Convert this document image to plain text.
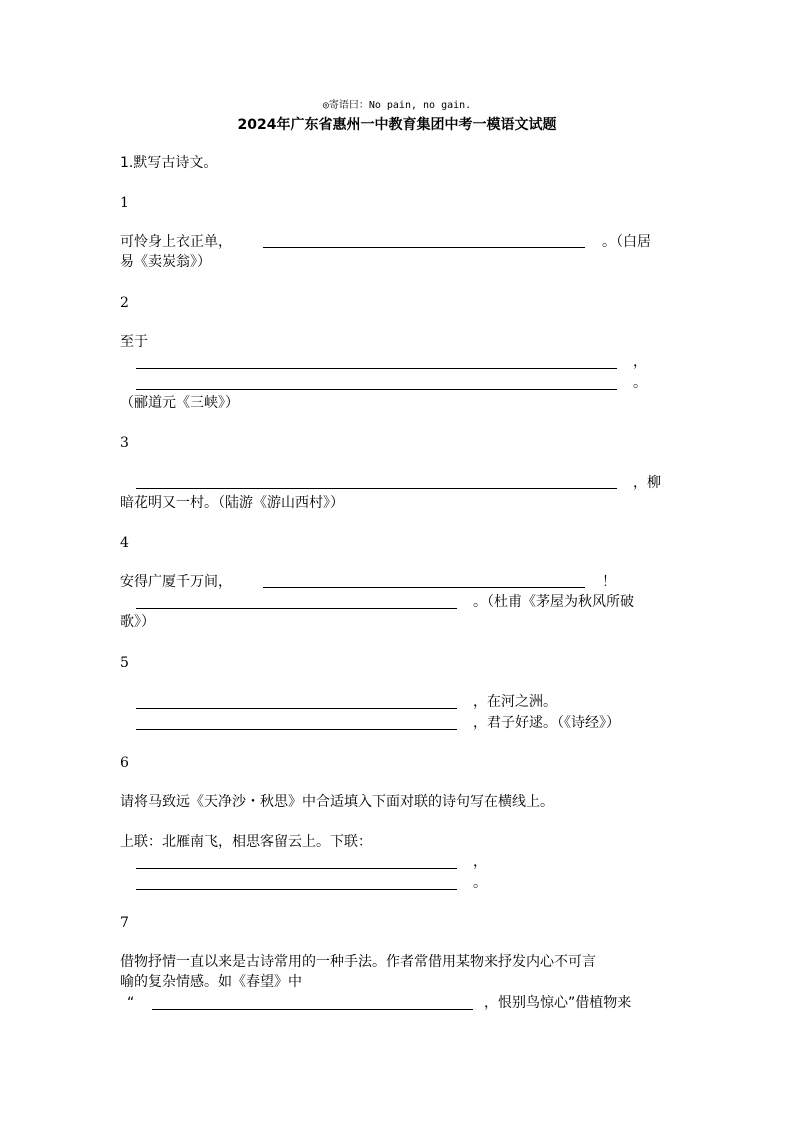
◎寄语曰：No pain, no gain.
2024年广东省惠州一中教育集团中考一模语文试题
1.默写古诗文。
1
可怜身上衣正单，	。（白居
易《卖炭翁》）
2
至于
，
。
（郦道元《三峡》）
3
，柳
暗花明又一村。（陆游《游山西村》）
4
安得广厦千万间，	！
。（杜甫《茅屋为秋风所破
歌》）
5
，在河之洲。
，君子好逑。（《诗经》）
6
请将马致远《天净沙・秋思》中合适填入下面对联的诗句写在横线上。
上联：北雁南飞，相思客留云上。下联：
，
。
7
借物抒情一直以来是古诗常用的一种手法。作者常借用某物来抒发内心不可言
喻的复杂情感。如《春望》中
“	，恨别鸟惊心”借植物来
